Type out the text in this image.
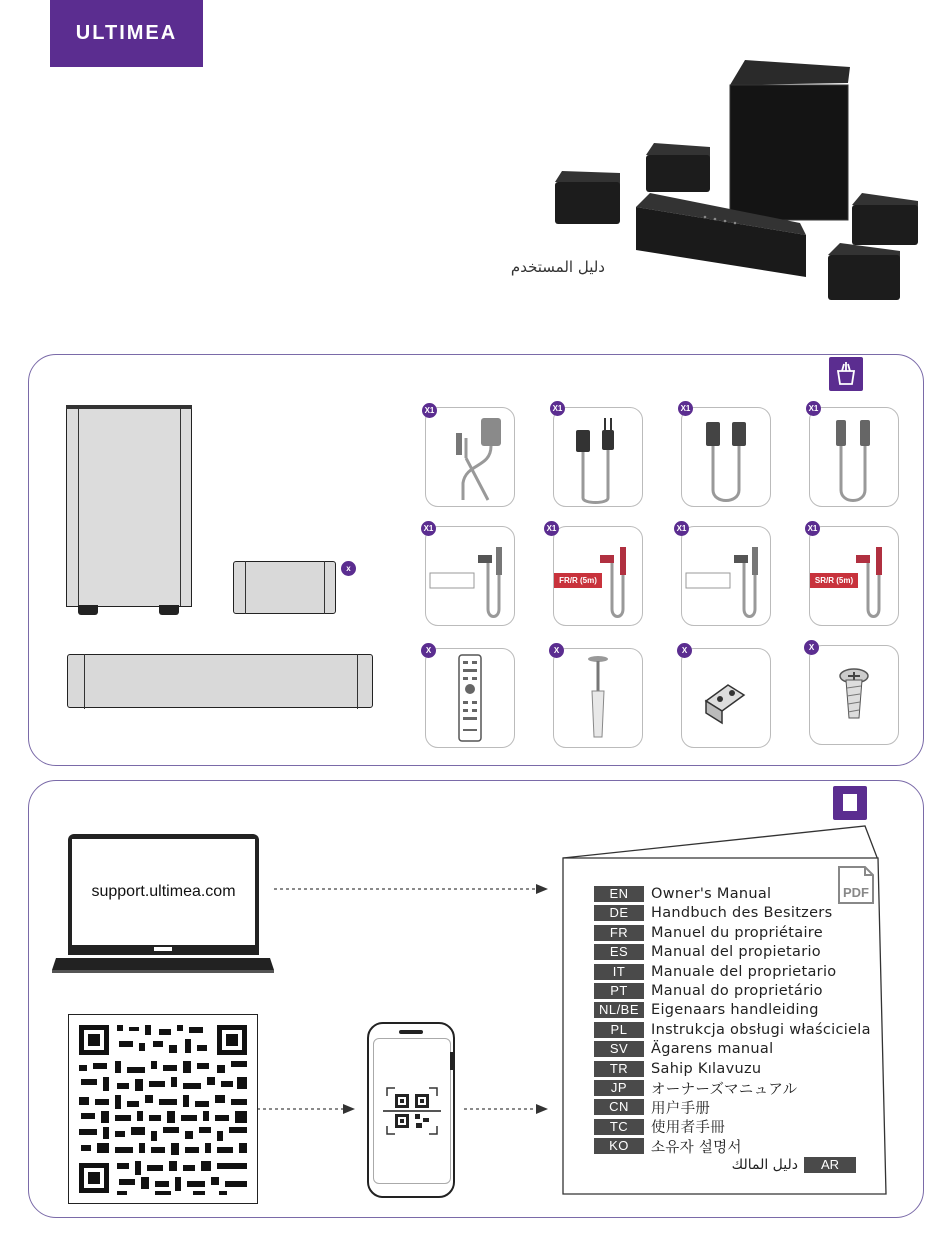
ULTIMEA
دليل المستخدم
x
FR/R (5m)	SR/R (5m)
X1	X1	X1	X1
X1	X1	X1	X1
X	X	X	X
support.ultimea.com	PDF
EN	Owner's Manual
DE	Handbuch des Besitzers
FR	Manuel du propriétaire
ES	Manual del propietario
IT	Manuale del proprietario
PT	Manual do proprietário
NL/BE Eigenaars handleiding
PL	Instrukcja obsługi właściciela
SV	Ägarens manual
TR	Sahip Kılavuzu
JP	オーナーズマニュアル
CN	用户手册
TC	使用者手冊
KO	소유자 설명서
دليل المالك	AR
